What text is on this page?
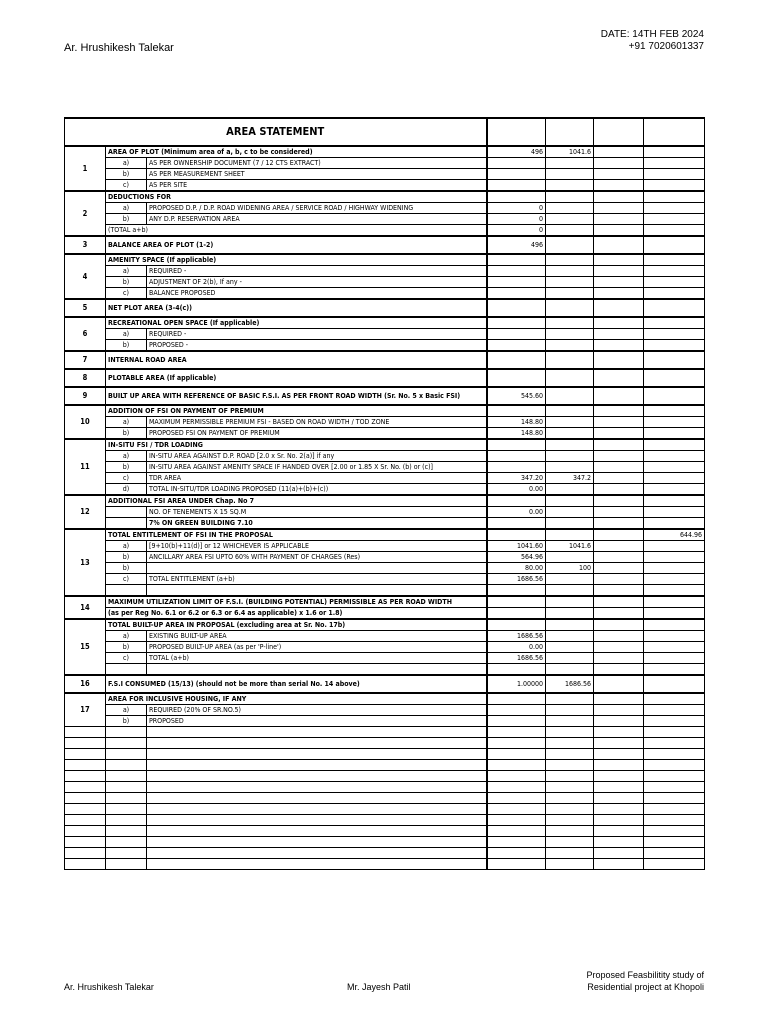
Ar. Hrushikesh Talekar
DATE: 14TH FEB 2024
+91 7020601337
AREA STATEMENT						
1	AREA OF PLOT (Minimum area of a, b, c to be considered)		496	1041.6		
	a)	AS PER OWNERSHIP DOCUMENT (7 / 12 CTS EXTRACT)				
	b)	AS PER MEASUREMENT SHEET				
	c)	AS PER SITE				
2	DEDUCTIONS FOR					
	a)	PROPOSED D.P. / D.P. ROAD WIDENING AREA / SERVICE ROAD / HIGHWAY WIDENING	0			
	b)	ANY D.P. RESERVATION AREA	0			
	(TOTAL a+b)		0			
3	BALANCE AREA OF PLOT (1-2)		496			
4	AMENITY SPACE (If applicable)					
	a)	REQUIRED -				
	b)	ADJUSTMENT OF 2(b), If any -				
	c)	BALANCE PROPOSED				
5	NET PLOT AREA (3-4(c))					
6	RECREATIONAL OPEN SPACE (If applicable)					
	a)	REQUIRED -				
	b)	PROPOSED -				
7	INTERNAL ROAD AREA					
8	PLOTABLE AREA (If applicable)					
9	BUILT UP AREA WITH REFERENCE OF BASIC F.S.I. AS PER FRONT ROAD WIDTH (Sr. No. 5 x Basic FSI)		545.60			
10	ADDITION OF FSI ON PAYMENT OF PREMIUM					
	a)	MAXIMUM PERMISSIBLE PREMIUM FSI - BASED ON ROAD WIDTH / TOD ZONE	148.80			
	b)	PROPOSED FSI ON PAYMENT OF PREMIUM	148.80			
11	IN-SITU FSI / TDR LOADING					
	a)	IN-SITU AREA AGAINST D.P. ROAD [2.0 x Sr. No. 2(a)] if any				
	b)	IN-SITU AREA AGAINST AMENITY SPACE IF HANDED OVER [2.00 or 1.85 X Sr. No. (b) or (c)]				
	c)	TDR AREA	347.20	347.2		
	d)	TOTAL IN-SITU/TDR LOADING PROPOSED (11(a)+(b)+(c))	0.00			
12	ADDITIONAL FSI AREA UNDER Chap. No 7					
		NO. OF TENEMENTS X 15 SQ.M	0.00			
		7% ON GREEN BUILDING 7.10				
13	TOTAL ENTITLEMENT OF FSI IN THE PROPOSAL					644.96
	a)	[9+10(b)+11(d)] or 12 WHICHEVER IS APPLICABLE	1041.60	1041.6		
	b)	ANCILLARY AREA FSI UPTO 60% WITH PAYMENT OF CHARGES (Res)	564.96			
	b)		80.00	100		
	c)	TOTAL ENTITLEMENT (a+b)	1686.56			

14	MAXIMUM UTILIZATION LIMIT OF F.S.I. (BUILDING POTENTIAL) PERMISSIBLE AS PER ROAD WIDTH					
	(as per Reg No. 6.1 or 6.2 or 6.3 or 6.4 as applicable) x 1.6 or 1.8)					
15	TOTAL BUILT-UP AREA IN PROPOSAL (excluding area at Sr. No. 17b)					
	a)	EXISTING BUILT-UP AREA	1686.56			
	b)	PROPOSED BUILT-UP AREA (as per 'P-line')	0.00			
	c)	TOTAL (a+b)	1686.56			

16	F.S.I CONSUMED (15/13) (should not be more than serial No. 14 above)		1.00000	1686.56		
17	AREA FOR INCLUSIVE HOUSING, IF ANY					
	a)	REQUIRED (20% OF SR.NO.5)				
	b)	PROPOSED				

Ar. Hrushikesh Talekar	Mr. Jayesh Patil
Proposed Feasbilitity study of
Residential project at Khopoli
